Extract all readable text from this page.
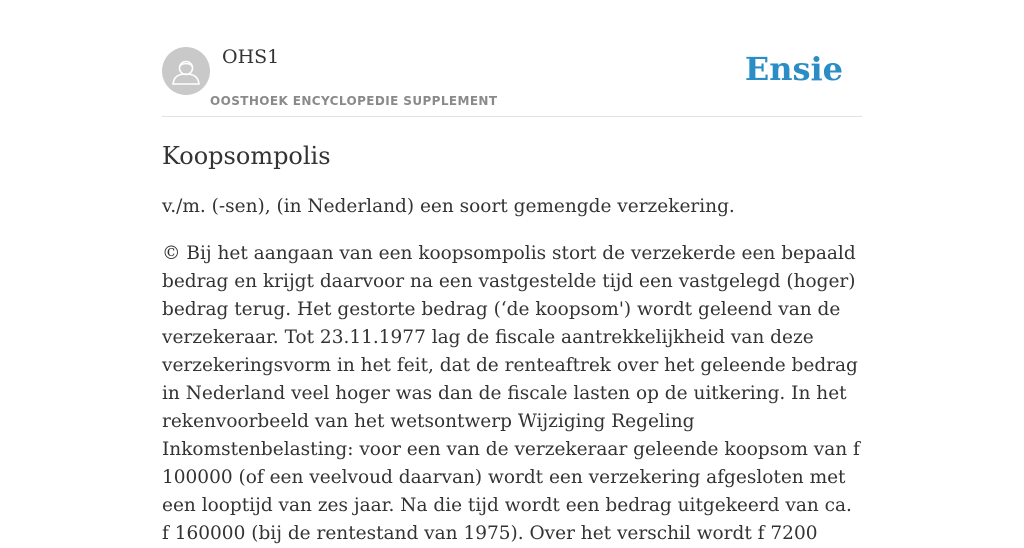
OHS1
OOSTHOEK ENCYCLOPEDIE SUPPLEMENT
Ensie
Koopsompolis

v./m. (-sen), (in Nederland) een soort gemengde verzekering.

© Bij het aangaan van een koopsompolis stort de verzekerde een bepaald bedrag en krijgt daarvoor na een vastgestelde tijd een vastgelegd (hoger) bedrag terug. Het gestorte bedrag (‘de koopsom') wordt geleend van de verzekeraar. Tot 23.11.1977 lag de fiscale aantrekkelijkheid van deze verzekeringsvorm in het feit, dat de renteaftrek over het geleende bedrag in Nederland veel hoger was dan de fiscale lasten op de uitkering. In het rekenvoorbeeld van het wetsontwerp Wijziging Regeling Inkomstenbelasting: voor een van de verzekeraar geleende koopsom van f 100000 (of een veelvoud daarvan) wordt een verzekering afgesloten met een looptijd van zes jaar. Na die tijd wordt een bedrag uitgekeerd van ca. f 160000 (bij de rentestand van 1975). Over het verschil wordt f 7200
